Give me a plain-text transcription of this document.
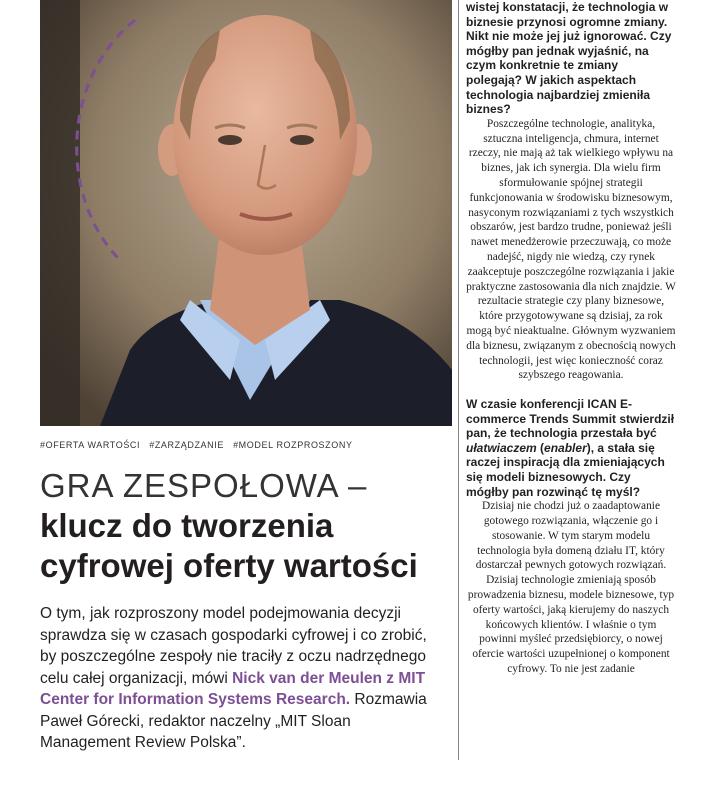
#OFERTA WARTOŚCI #ZARZĄDZANIE #MODEL ROZPROSZONY
GRA ZESPOŁOWA –
klucz do tworzenia
cyfrowej oferty wartości
O tym, jak rozproszony model podejmowania decyzji sprawdza się w czasach gospodarki cyfrowej i co zrobić, by poszczególne zespoły nie traciły z oczu nadrzędnego celu całej organizacji, mówi Nick van der Meulen z MIT Center for Information Systems Research. Rozmawia Paweł Górecki, redaktor naczelny „MIT Sloan Management Review Polska”.

wistej konstatacji, że technologia w biznesie przynosi ogromne zmiany. Nikt nie może jej już ignorować. Czy mógłby pan jednak wyjaśnić, na czym konkretnie te zmiany polegają? W jakich aspektach technologia najbardziej zmieniła biznes?

Poszczególne technologie, analityka, sztuczna inteligencja, chmura, internet rzeczy, nie mają aż tak wielkiego wpływu na biznes, jak ich synergia. Dla wielu firm sformułowanie spójnej strategii funkcjonowania w środowisku biznesowym, nasyconym rozwiązaniami z tych wszystkich obszarów, jest bardzo trudne, ponieważ jeśli nawet menedżerowie przeczuwają, co może nadejść, nigdy nie wiedzą, czy rynek zaakceptuje poszczególne rozwiązania i jakie praktyczne zastosowania dla nich znajdzie. W rezultacie strategie czy plany biznesowe, które przygotowywane są dzisiaj, za rok mogą być nieaktualne. Głównym wyzwaniem dla biznesu, związanym z obecnością nowych technologii, jest więc konieczność coraz szybszego reagowania.

W czasie konferencji ICAN E-commerce Trends Summit stwierdził pan, że technologia przestała być ułatwiaczem (enabler), a stała się raczej inspiracją dla zmieniających się modeli biznesowych. Czy mógłby pan rozwinąć tę myśl?

Dzisiaj nie chodzi już o zaadaptowanie gotowego rozwiązania, włączenie go i stosowanie. W tym starym modelu technologia była domeną działu IT, który dostarczał pewnych gotowych rozwiązań. Dzisiaj technologie zmieniają sposób prowadzenia biznesu, modele biznesowe, typ oferty wartości, jaką kierujemy do naszych końcowych klientów. I właśnie o tym powinni myśleć przedsiębiorcy, o nowej ofercie wartości uzupełnionej o komponent cyfrowy. To nie jest zadanie
